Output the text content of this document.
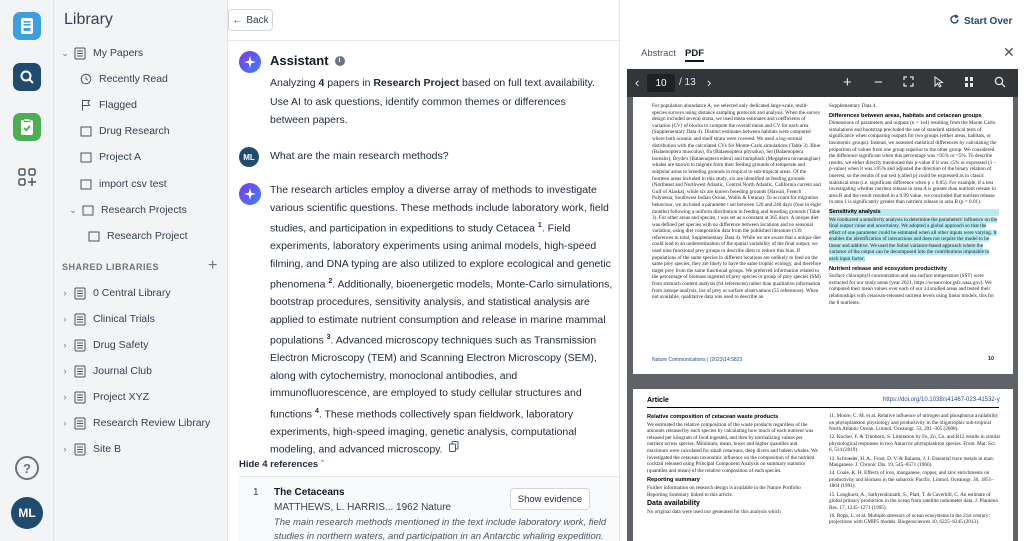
?
ML
Library
⌄ My Papers
Recently Read
Flagged
Drug Research
Project A
import csv test
⌄ Research Projects
Research Project
SHARED LIBRARIES	+
›	0 Central Library
›	Clinical Trials
›	Drug Safety
›	Journal Club
›	Project XYZ
›	Research Review Library
›	Site B
← Back
Assistant	i
Analyzing 4 papers in Research Project based on full text availability.
Use AI to ask questions, identify common themes or differences between papers.
ML	What are the main research methods?
The research articles employ a diverse array of methods to investigate various scientific questions. These methods include laboratory work, field studies, and participation in expeditions to study Cetacea $^1$. Field experiments, laboratory experiments using animal models, high-speed filming, and DNA typing are also utilized to explore ecological and genetic phenomena $^2$. Additionally, bioenergetic models, Monte-Carlo simulations, bootstrap procedures, sensitivity analysis, and statistical analysis are applied to estimate nutrient consumption and release in marine mammal populations $^3$. Advanced microscopy techniques such as Transmission Electron Microscopy (TEM) and Scanning Electron Microscopy (SEM), along with cytochemistry, monoclonal antibodies, and immunofluorescence, are employed to study cellular structures and functions $^4$. These methods collectively span fieldwork, laboratory experiments, high-speed imaging, genetic analysis, computational modeling, and advanced microscopy.
Hide 4 references ˆ
1 The Cetaceans
MATTHEWS, L. HARRIS... 1962 Nature
The main research methods mentioned in the text include laboratory work, field studies in northern waters, and participation in an Antarctic whaling expedition.
Show evidence
Start Over
Abstract PDF	✕
‹	10	/ 13 ›	+ −
For population abundance A, we selected only dedicated large-scale, multi-species surveys using distance sampling protocols and analysis. When the survey design included several strata, we used mean estimates and coefficients of variation (CV) of blocks to compute the overall mean and CV for each area (Supplementary Data 4). Distinct estimates between habitats were computed where both oceanic and shelf strata were covered. We used a log-normal distribution with the calculated CVs for Monte-Carlo simulations (Table 3). Blue (Balaenoptera musculus), fin (Balaenoptera physalus), Sei (Balaenoptera borealis), Bryde's (Balaenoptera edeni) and humpback (Megaptera novaeangliae) whales are known to migrate from their feeding grounds of temperate and subpolar areas to breeding grounds in tropical to sub-tropical areas. Of the fourteen areas included in this study, six are identified as feeding grounds (Northeast and Northwest Atlantic, Central North Atlantic, California current and Gulf of Alaska), while six are known breeding grounds (Hawaii, French Polynesia, Southwest Indian Ocean, Wallis & Futuna). To account for migration behaviour, we included a parameter t set between 120 and 240 days (four to eight months) following a uniform distribution in feeding and breeding grounds (Table 3). For other areas and species, t was set as a constant at 365 days. A unique diet was defined per species with no difference between locations and no seasonal variation, using diet composition data from the published literature (139 references in total, Supplementary Data 4). While we are aware that a unique diet could lead to an underestimation of the spatial variability of the final output, we used nine functional prey groups to describe diets to reduce this bias. If populations of the same species in different locations are unlikely to feed on the same prey species, they are likely to have the same trophic ecology, and therefore target prey from the same functional groups. We preferred information related to the percentage of biomass ingested of prey species or group of prey species (SM) from stomach content analysis (64 references) rather than qualitative information from isotope analysis, list of prey or surface observations (55 references). When not available, qualitative data was used to describe an
Supplementary Data 4.
Differences between areas, habitats and cetacean groups
Dimensions of parameters and outputs (n = 1e4) resulting from the Monte Carlo simulations and bootstrap precluded the use of standard statistical tests of significance when comparing outputs for two groups (either areas, habitats, or taxonomic groups). Instead, we assessed statistical differences by calculating the proportion of values from one group superior to the other group. We considered the difference significant when this percentage was >95% or <5%. To describe results, we either directly mentioned this p-value if it was ≤5% or expressed (1 − p-value) when it was ≥95% and adjusted the direction of the binary relation of interest, so the results of our test (called p) could be expressed as in classic statistical tests (i.e. significant difference when p ≤ 0.05). For example, if a test investigating whether nutrient release in area A is greater than nutrient release in area B and the result resulted in a 0.99 value, we concluded that nutrient release in area 1 is significantly greater than nutrient release in area B (p = 0.01).
Sensitivity analysis
We conducted a sensitivity analysis to determine the parameters' influence on the final output value and uncertainty. We adopted a global approach so that the effect of one parameter could be estimated when all other inputs were varying. It enables the identification of interactions and does not require the model to be linear and additive. We used the Sobol variance-based approach where the variance of the output can be decomposed into the contributions imputable to each input factor.
Nutrient release and ecosystem productivity
Surface chlorophyll concentration and sea surface temperature (SST) were extracted for our study areas (year 2021, https://oceancolor.gsfc.nasa.gov). We computed their mean values over each of our 14 studied areas and tested their relationships with cetacean-released nutrient levels using linear models, this for the 8 nutrients.
Nature Communications | (2023)14:5823	10
Article	https://doi.org/10.1038/s41467-023-41532-y
Relative composition of cetacean waste products
We estimated the relative composition of the waste products regardless of the amounts released by each species by calculating how much of each nutrient was released per kilogram of food ingested, and then by normalizing values per nutrient across species. Minimum, mean, lower and higher quantiles and maximum were calculated for small cetaceans, deep divers and baleen whales. We investigated the cetacean taxonomic influence on the composition of the nutrient cocktail released using Principal Component Analysis on summary statistics (quantiles and mean) of the relative composition of each species.
Reporting summary
Further information on research design is available in the Nature Portfolio Reporting Summary linked to this article.
Data availability
No original data were used nor generated for this analysis which

11. Moore, C. M. et al. Relative influence of nitrogen and phosphorus availability on phytoplankton physiology and productivity in the oligotrophic sub-tropical North Atlantic Ocean. Limnol. Oceanogr. 53, 291–305 (2008).

12. Kocher, F. & Trimborn, S. Limitation by Fe, Zn, Co, and B12 results in similar physiological responses in two Antarctic phytoplankton species. Front. Mar. Sci. 6, 514 (2019).

13. Schroeder, H. A., Frost, D. V. & Balassa, J. J. Essential trace metals in man: Manganese. J. Chronic Dis. 19, 545–6571 (1966).

14. Coale, K. H. Effects of iron, manganese, copper, and zinc enrichments on productivity and biomass in the subarctic Pacific. Limnol. Oceanogr. 36, 1851–1864 (1991).

15. Longhurst, A., Sathyendranath, S., Platt, T. & Caverhill, C. An estimate of global primary production in the ocean from satellite radiometer data. J. Plankton Res. 17, 1245–1271 (1995).

16. Bopp, L. et al. Multiple stressors of ocean ecosystems in the 21st century: projections with CMIP5 models. Biogeosciences 10, 6225–6245 (2013).
